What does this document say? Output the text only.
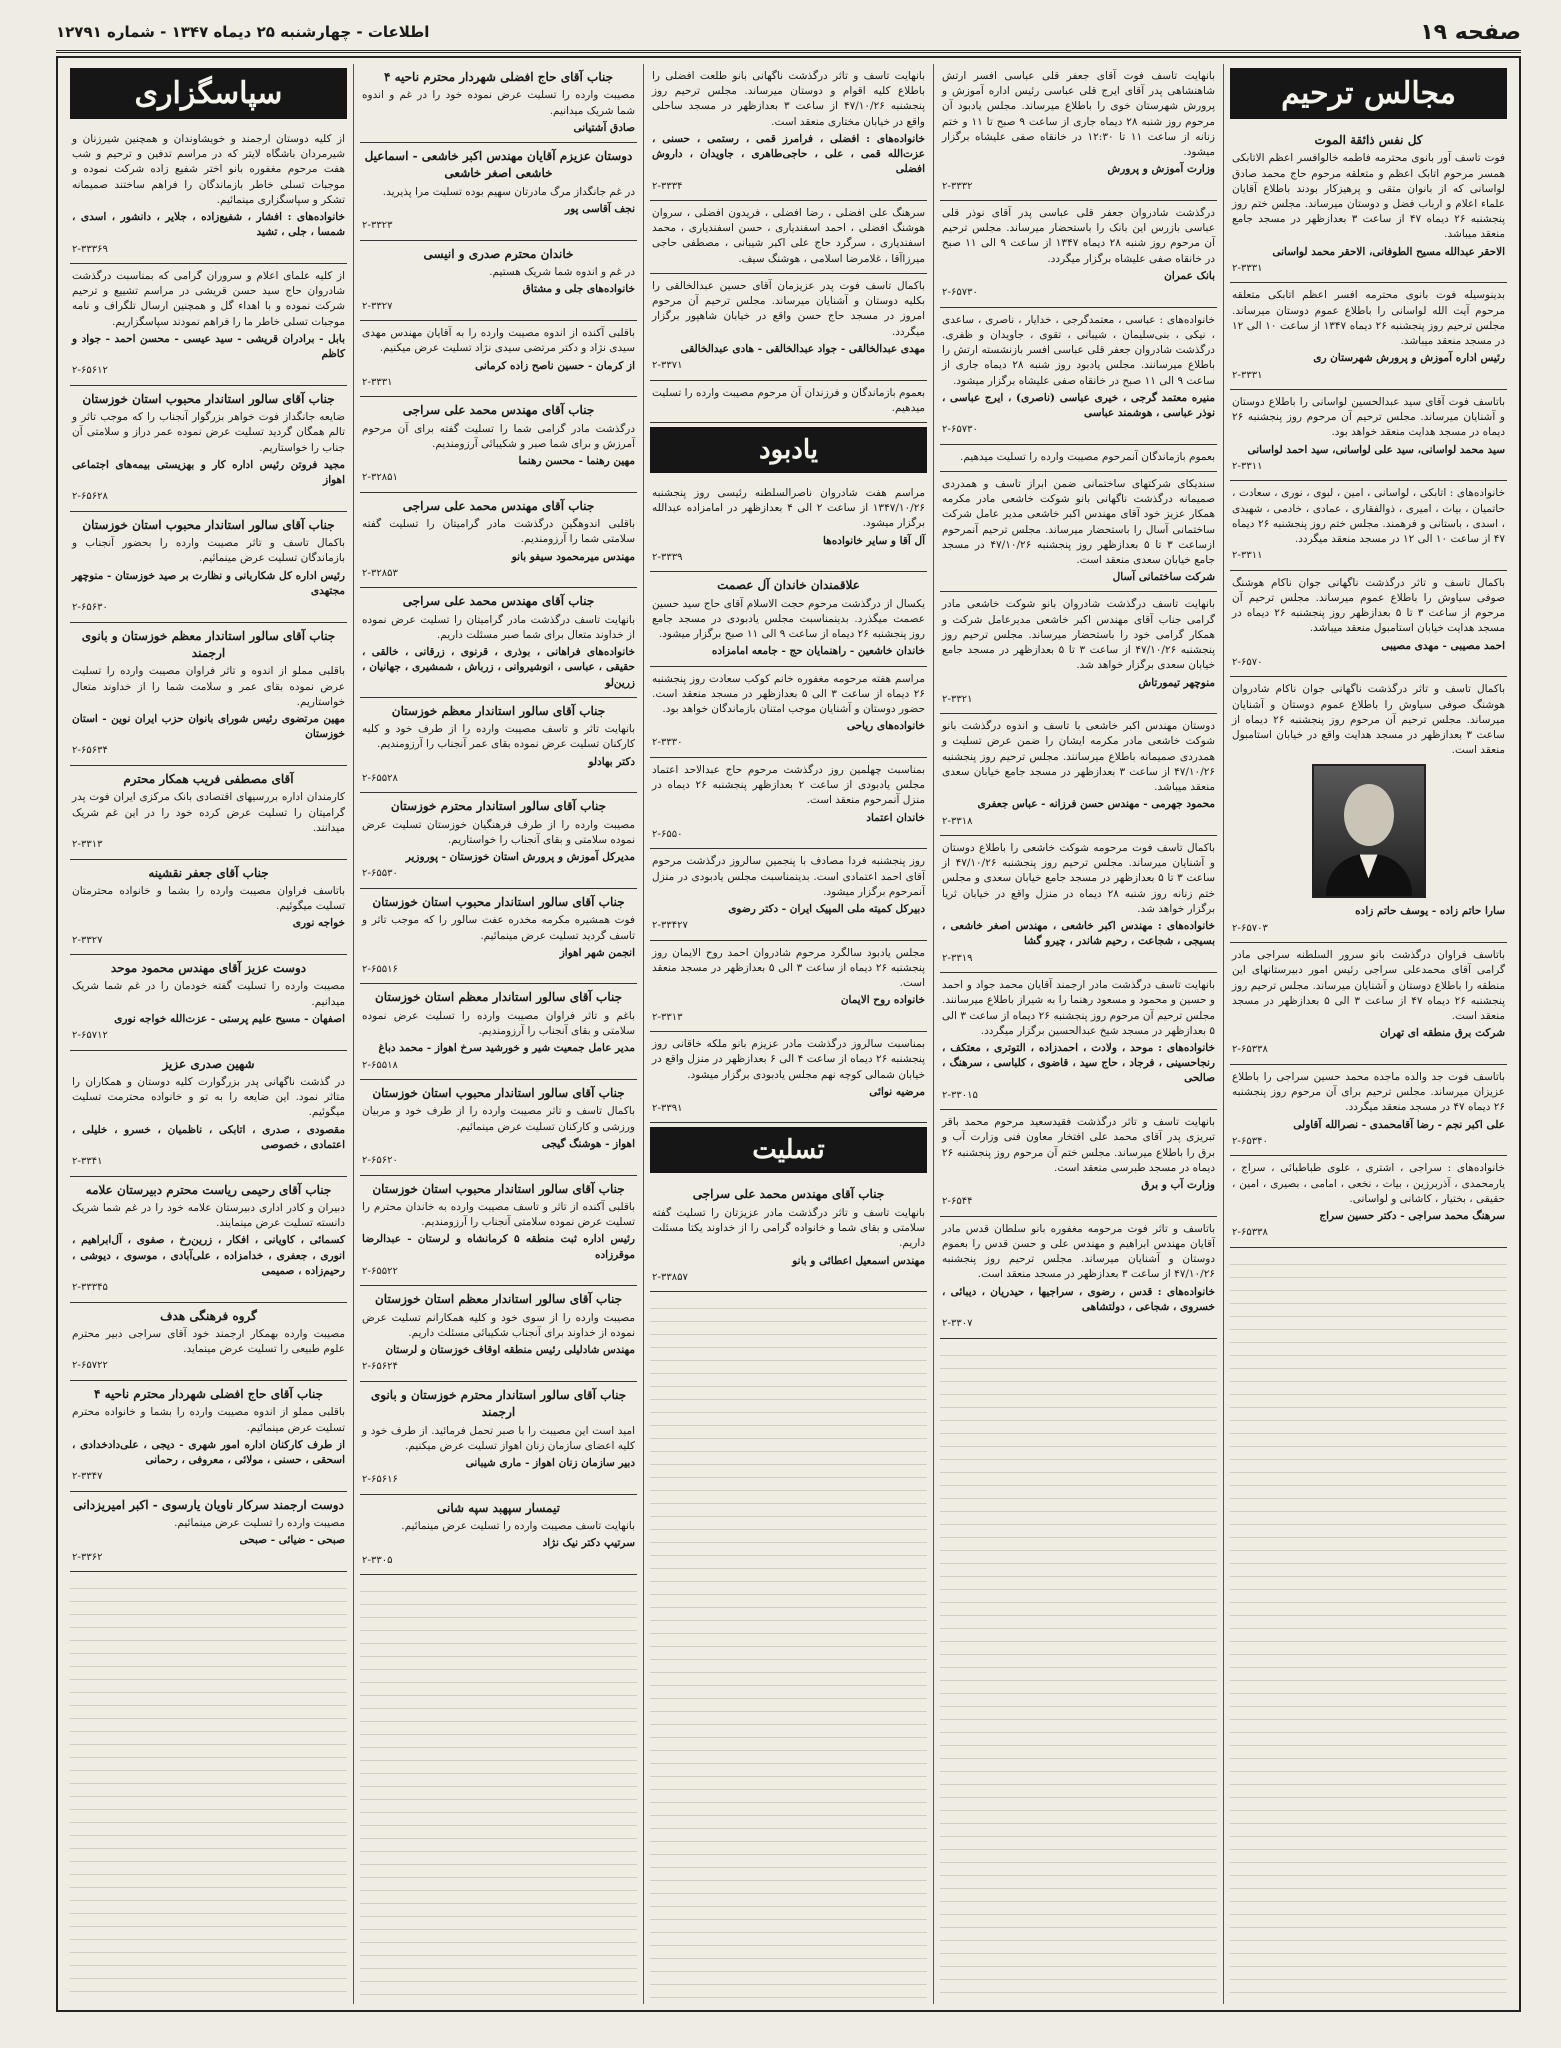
صفحه ۱۹
اطلاعات - چهارشنبه ۲۵ دیماه ۱۳۴۷ - شماره ۱۲۷۹۱
مجالس ترحیم
کل نفس ذائقة الموت
فوت تاسف آور بانوی محترمه فاطمه خالوافسر اعظم الاتابکی همسر مرحوم اتابک اعظم و متعلقه مرحوم حاج محمد صادق لواسانی که از بانوان متقی و پرهیزکار بودند باطلاع آقایان علماء اعلام و ارباب فضل و دوستان میرساند. مجلس ختم روز پنجشنبه ۲۶ دیماه ۴۷ از ساعت ۳ بعدازظهر در مسجد جامع منعقد میباشد.
الاحقر عبدالله مسیح الطوفانی، الاحقر محمد لواسانی
۲-۳۳۳۱
بدینوسیله فوت بانوی محترمه افسر اعظم اتابکی متعلقه مرحوم آیت الله لواسانی را باطلاع عموم دوستان میرساند. مجلس ترحیم روز پنجشنبه ۲۶ دیماه ۱۳۴۷ از ساعت ۱۰ الی ۱۲ در مسجد منعقد میباشد.
رئیس اداره آموزش و پرورش شهرستان ری
۲-۳۳۳۱
باتاسف فوت آقای سید عبدالحسین لواسانی را باطلاع دوستان و آشنایان میرساند. مجلس ترحیم آن مرحوم روز پنجشنبه ۲۶ دیماه در مسجد هدایت منعقد خواهد بود.
سید محمد لواسانی، سید علی لواسانی، سید احمد لواسانی
۲-۳۳۱۱
خانواده‌های : اتابکی ، لواسانی ، امین ، لبوی ، نوری ، سعادت ، حاتمیان ، بیات ، امیری ، ذوالفقاری ، عمادی ، خادمی ، شهیدی ، اسدی ، باستانی و فرهمند. مجلس ختم روز پنجشنبه ۲۶ دیماه ۴۷ از ساعت ۱۰ الی ۱۲ در مسجد منعقد میگردد.
۲-۳۳۱۱
باکمال تاسف و تاثر درگذشت ناگهانی جوان ناکام هوشنگ صوفی سیاوش را باطلاع عموم میرساند. مجلس ترحیم آن مرحوم از ساعت ۳ تا ۵ بعدازظهر روز پنجشنبه ۲۶ دیماه در مسجد هدایت خیابان استامبول منعقد میباشد.
احمد مصیبی - مهدی مصیبی
۲-۶۵۷۰
باکمال تاسف و تاثر درگذشت ناگهانی جوان ناکام شادروان هوشنگ صوفی سیاوش را باطلاع عموم دوستان و آشنایان میرساند. مجلس ترحیم آن مرحوم روز پنجشنبه ۲۶ دیماه از ساعت ۳ بعدازظهر در مسجد هدایت واقع در خیابان استامبول منعقد است.
سارا حاتم زاده - یوسف حاتم زاده
۲-۶۵۷۰۳
باتاسف فراوان درگذشت بانو سرور السلطنه سراجی مادر گرامی آقای محمدعلی سراجی رئیس امور دبیرستانهای این منطقه را باطلاع دوستان و آشنایان میرساند. مجلس ترحیم روز پنجشنبه ۲۶ دیماه ۴۷ از ساعت ۳ الی ۵ بعدازظهر در مسجد منعقد است.
شرکت برق منطقه ای تهران
۲-۶۵۳۳۸
باتاسف فوت جد والده ماجده محمد حسین سراجی را باطلاع عزیزان میرساند. مجلس ترحیم برای آن مرحوم روز پنجشنبه ۲۶ دیماه ۴۷ در مسجد منعقد میگردد.
علی اکبر نجم - رضا آقامحمدی - نصرالله آقاولی
۲-۶۵۳۴۰
خانواده‌های : سراجی ، اشتری ، علوی طباطبائی ، سراج ، یارمحمدی ، آذربرزین ، بیات ، نخعی ، امامی ، بصیری ، امین ، حقیقی ، بختیار ، کاشانی و لواسانی.
سرهنگ محمد سراجی - دکتر حسین سراج
۲-۶۵۳۳۸
بانهایت تاسف فوت آقای جعفر قلی عباسی افسر ارتش شاهنشاهی پدر آقای ایرج قلی عباسی رئیس اداره آموزش و پرورش شهرستان خوی را باطلاع میرساند. مجلس یادبود آن مرحوم روز شنبه ۲۸ دیماه جاری از ساعت ۹ صبح تا ۱۱ و ختم زنانه از ساعت ۱۱ تا ۱۲:۳۰ در خانقاه صفی علیشاه برگزار میشود.
وزارت آموزش و پرورش
۲-۳۳۳۲
درگذشت شادروان جعفر قلی عباسی پدر آقای نوذر قلی عباسی بازرس این بانک را باستحضار میرساند. مجلس ترحیم آن مرحوم روز شنبه ۲۸ دیماه ۱۳۴۷ از ساعت ۹ الی ۱۱ صبح در خانقاه صفی علیشاه برگزار میگردد.
بانک عمران
۲-۶۵۷۳۰
خانواده‌های : عباسی ، معتمدگرجی ، خدایار ، ناصری ، ساعدی ، نیکی ، بنی‌سلیمان ، شیبانی ، تقوی ، جاویدان و ظفری. درگذشت شادروان جعفر قلی عباسی افسر بازنشسته ارتش را باطلاع میرسانند. مجلس یادبود روز شنبه ۲۸ دیماه جاری از ساعت ۹ الی ۱۱ صبح در خانقاه صفی علیشاه برگزار میشود.
منیره معتمد گرجی ، خیری عباسی (ناصری) ، ایرج عباسی ، نوذر عباسی ، هوشمند عباسی
۲-۶۵۷۳۰
بعموم بازماندگان آنمرحوم مصیبت وارده را تسلیت میدهیم.
سندیکای شرکتهای ساختمانی ضمن ابراز تاسف و همدردی صمیمانه درگذشت ناگهانی بانو شوکت خاشعی مادر مکرمه همکار عزیز خود آقای مهندس اکبر خاشعی مدیر عامل شرکت ساختمانی آسال را باستحضار میرساند. مجلس ترحیم آنمرحوم ازساعت ۳ تا ۵ بعدازظهر روز پنجشنبه ۴۷/۱۰/۲۶ در مسجد جامع خیابان سعدی منعقد است.
شرکت ساختمانی آسال
بانهایت تاسف درگذشت شادروان بانو شوکت خاشعی مادر گرامی جناب آقای مهندس اکبر خاشعی مدیرعامل شرکت و همکار گرامی خود را باستحضار میرساند. مجلس ترحیم روز پنجشنبه ۴۷/۱۰/۲۶ از ساعت ۳ تا ۵ بعدازظهر در مسجد جامع خیابان سعدی برگزار خواهد شد.
منوچهر تیمورتاش
۲-۳۳۲۱
دوستان مهندس اکبر خاشعی با تاسف و اندوه درگذشت بانو شوکت خاشعی مادر مکرمه ایشان را ضمن عرض تسلیت و همدردی صمیمانه باطلاع میرسانند. مجلس ترحیم روز پنجشنبه ۴۷/۱۰/۲۶ از ساعت ۳ بعدازظهر در مسجد جامع خیابان سعدی منعقد میباشد.
محمود جهرمی - مهندس حسن فرزانه - عباس جعفری
۲-۳۳۱۸
باکمال تاسف فوت مرحومه شوکت خاشعی را باطلاع دوستان و آشنایان میرساند. مجلس ترحیم روز پنجشنبه ۴۷/۱۰/۲۶ از ساعت ۳ تا ۵ بعدازظهر در مسجد جامع خیابان سعدی و مجلس ختم زنانه روز شنبه ۲۸ دیماه در منزل واقع در خیابان ثریا برگزار خواهد شد.
خانواده‌های : مهندس اکبر خاشعی ، مهندس اصغر خاشعی ، بسیجی ، شجاعت ، رحیم شاندر ، چیرو گشا
۲-۳۳۱۹
بانهایت تاسف درگذشت مادر ارجمند آقایان محمد جواد و احمد و حسین و محمود و مسعود رهنما را به شیراز باطلاع میرسانند. مجلس ترحیم آن مرحوم روز پنجشنبه ۲۶ دیماه از ساعت ۳ الی ۵ بعدازظهر در مسجد شیخ عبدالحسین برگزار میگردد.
خانواده‌های : موحد ، ولادت ، احمدزاده ، التوتری ، معتکف ، رنجاحسینی ، فرجاد ، حاج سید ، قاضوی ، کلباسی ، سرهنگ ، صالحی
۲-۳۳۰۱۵
بانهایت تاسف و تاثر درگذشت فقیدسعید مرحوم محمد باقر تبریزی پدر آقای محمد علی افتخار معاون فنی وزارت آب و برق را باطلاع میرساند. مجلس ختم آن مرحوم روز پنجشنبه ۲۶ دیماه در مسجد طبرسی منعقد است.
وزارت آب و برق
۲-۶۵۴۴
باتاسف و تاثر فوت مرحومه مغفوره بانو سلطان قدس مادر آقایان مهندس ابراهیم و مهندس علی و حسن قدس را بعموم دوستان و آشنایان میرساند. مجلس ترحیم روز پنجشنبه ۴۷/۱۰/۲۶ از ساعت ۳ بعدازظهر در مسجد منعقد است.
خانواده‌های : قدس ، رضوی ، سراجیها ، حیدریان ، دیبائی ، خسروی ، شجاعی ، دولتشاهی
۲-۳۳۰۷
بانهایت تاسف و تاثر درگذشت ناگهانی بانو طلعت افضلی را باطلاع کلیه اقوام و دوستان میرساند. مجلس ترحیم روز پنجشنبه ۴۷/۱۰/۲۶ از ساعت ۳ بعدازظهر در مسجد ساحلی واقع در خیابان مختاری منعقد است.
خانواده‌های : افضلی ، فرامرز قمی ، رستمی ، حسنی ، عزت‌الله قمی ، علی ، حاجی‌طاهری ، جاویدان ، داروش افضلی
۲-۳۳۳۴
سرهنگ علی افضلی ، رضا افضلی ، فریدون افضلی ، سروان هوشنگ افضلی ، احمد اسفندیاری ، حسن اسفندیاری ، محمد اسفندیاری ، سرگرد حاج علی اکبر شیبانی ، مصطفی حاجی میرزاآقا ، غلامرضا اسلامی ، هوشنگ سیف.
باکمال تاسف فوت پدر عزیزمان آقای حسین عبدالخالقی را بکلیه دوستان و آشنایان میرساند. مجلس ترحیم آن مرحوم امروز در مسجد حاج حسن واقع در خیابان شاهپور برگزار میگردد.
مهدی عبدالخالقی - جواد عبدالخالقی - هادی عبدالخالقی
۲-۳۳۷۱
بعموم بازماندگان و فرزندان آن مرحوم مصیبت وارده را تسلیت میدهیم.
یادبود
مراسم هفت شادروان ناصرالسلطنه رئیسی روز پنجشنبه ۱۳۴۷/۱۰/۲۶ از ساعت ۲ الی ۴ بعدازظهر در امامزاده عبدالله برگزار میشود.
آل آقا و سایر خانواده‌ها
۲-۳۳۳۹
علاقمندان خاندان آل عصمت
یکسال از درگذشت مرحوم حجت الاسلام آقای حاج سید حسین عصمت میگذرد. بدینمناسبت مجلس یادبودی در مسجد جامع روز پنجشنبه ۲۶ دیماه از ساعت ۹ الی ۱۱ صبح برگزار میشود.
خاندان خاشعین - راهنمایان حج - جامعه امامزاده
مراسم هفته مرحومه مغفوره خانم کوکب سعادت روز پنجشنبه ۲۶ دیماه از ساعت ۳ الی ۵ بعدازظهر در مسجد منعقد است. حضور دوستان و آشنایان موجب امتنان بازماندگان خواهد بود.
خانواده‌های ریاحی
۲-۳۳۳۰
بمناسبت چهلمین روز درگذشت مرحوم حاج عبدالاحد اعتماد مجلس یادبودی از ساعت ۲ بعدازظهر پنجشنبه ۲۶ دیماه در منزل آنمرحوم منعقد است.
خاندان اعتماد
۲-۶۵۵۰
روز پنجشنبه فردا مصادف با پنجمین سالروز درگذشت مرحوم آقای احمد اعتمادی است. بدینمناسبت مجلس یادبودی در منزل آنمرحوم برگزار میشود.
دبیرکل کمیته ملی المپیک ایران - دکتر رضوی
۲-۳۳۴۲۷
مجلس یادبود سالگرد مرحوم شادروان احمد روح الایمان روز پنجشنبه ۲۶ دیماه از ساعت ۳ الی ۵ بعدازظهر در مسجد منعقد است.
خانواده روح الایمان
۲-۳۳۱۳
بمناسبت سالروز درگذشت مادر عزیزم بانو ملکه خاقانی روز پنجشنبه ۲۶ دیماه از ساعت ۴ الی ۶ بعدازظهر در منزل واقع در خیابان شمالی کوچه نهم مجلس یادبودی برگزار میشود.
مرضیه نوائی
۲-۳۳۹۱
تسلیت
جناب آقای مهندس محمد علی سراجی
بانهایت تاسف و تاثر درگذشت مادر عزیزتان را تسلیت گفته سلامتی و بقای شما و خانواده گرامی را از خداوند یکتا مسئلت داریم.
مهندس اسمعیل اعطائی و بانو
۲-۳۳۸۵۷
جناب آقای حاج افضلی شهردار محترم ناحیه ۴
مصیبت وارده را تسلیت عرض نموده خود را در غم و اندوه شما شریک میدانیم.
صادق آشتیانی
دوستان عزیزم آقایان مهندس اکبر خاشعی - اسماعیل خاشعی اصغر خاشعی
در غم جانگداز مرگ مادرتان سهیم بوده تسلیت مرا پذیرید.
نجف آقاسی پور
۲-۳۳۲۳
خاندان محترم صدری و انیسی
در غم و اندوه شما شریک هستیم.
خانواده‌های جلی و مشتاق
۲-۳۳۲۷
باقلبی آکنده از اندوه مصیبت وارده را به آقایان مهندس مهدی سیدی نژاد و دکتر مرتضی سیدی نژاد تسلیت عرض میکنیم.
از کرمان - حسین ناصح زاده کرمانی
۲-۳۳۳۱
جناب آقای مهندس محمد علی سراجی
درگذشت مادر گرامی شما را تسلیت گفته برای آن مرحوم آمرزش و برای شما صبر و شکیبائی آرزومندیم.
مهین رهنما - محسن رهنما
۲-۳۲۸۵۱
جناب آقای مهندس محمد علی سراجی
باقلبی اندوهگین درگذشت مادر گرامیتان را تسلیت گفته سلامتی شما را آرزومندیم.
مهندس میرمحمود سیفو بانو
۲-۳۲۸۵۳
جناب آقای مهندس محمد علی سراجی
بانهایت تاسف درگذشت مادر گرامیتان را تسلیت عرض نموده از خداوند متعال برای شما صبر مسئلت داریم.
خانواده‌های فراهانی ، بوذری ، قرنوی ، زرقانی ، خالقی ، حقیقی ، عباسی ، انوشیروانی ، زرباش ، شمشیری ، جهانیان ، زرین‌لو
جناب آقای سالور استاندار معظم خوزستان
بانهایت تاثر و تاسف مصیبت وارده را از طرف خود و کلیه کارکنان تسلیت عرض نموده بقای عمر آنجناب را آرزومندیم.
دکتر بهادلو
۲-۶۵۵۲۸
جناب آقای سالور استاندار محترم خوزستان
مصیبت وارده را از طرف فرهنگیان خوزستان تسلیت عرض نموده سلامتی و بقای آنجناب را خواستاریم.
مدیرکل آموزش و پرورش استان خوزستان - پوروزیر
۲-۶۵۵۳۰
جناب آقای سالور استاندار محبوب استان خوزستان
فوت همشیره مکرمه مخدره عفت سالور را که موجب تاثر و تاسف گردید تسلیت عرض مینمائیم.
انجمن شهر اهواز
۲-۶۵۵۱۶
جناب آقای سالور استاندار معظم استان خوزستان
باغم و تاثر فراوان مصیبت وارده را تسلیت عرض نموده سلامتی و بقای آنجناب را آرزومندیم.
مدیر عامل جمعیت شیر و خورشید سرخ اهواز - محمد دباغ
۲-۶۵۵۱۸
جناب آقای سالور استاندار محبوب استان خوزستان
باکمال تاسف و تاثر مصیبت وارده را از طرف خود و مربیان ورزشی و کارکنان تسلیت عرض مینمائیم.
اهواز - هوشنگ گیجی
۲-۶۵۶۲۰
جناب آقای سالور استاندار محبوب استان خوزستان
باقلبی آکنده از تاثر و تاسف مصیبت وارده به خاندان محترم را تسلیت عرض نموده سلامتی آنجناب را آرزومندیم.
رئیس اداره ثبت منطقه ۵ کرمانشاه و لرستان - عبدالرضا موقرزاده
۲-۶۵۵۲۲
جناب آقای سالور استاندار معظم استان خوزستان
مصیبت وارده را از سوی خود و کلیه همکارانم تسلیت عرض نموده از خداوند برای آنجناب شکیبائی مسئلت داریم.
مهندس شادلیلی رئیس منطقه اوقاف خوزستان و لرستان
۲-۶۵۶۲۴
جناب آقای سالور استاندار محترم خوزستان و بانوی ارجمند
امید است این مصیبت را با صبر تحمل فرمائید. از طرف خود و کلیه اعضای سازمان زنان اهواز تسلیت عرض میکنیم.
دبیر سازمان زنان اهواز - ماری شیبانی
۲-۶۵۶۱۶
تیمسار سپهبد سپه شانی
بانهایت تاسف مصیبت وارده را تسلیت عرض مینمائیم.
سرتیپ دکتر نیک نژاد
۲-۳۳۰۵
سپاسگزاری
از کلیه دوستان ارجمند و خویشاوندان و همچنین شیرزنان و شیرمردان باشگاه لایتر که در مراسم تدفین و ترحیم و شب هفت مرحوم مغفوره بانو اختر شفیع زاده شرکت نموده و موجبات تسلی خاطر بازماندگان را فراهم ساختند صمیمانه تشکر و سپاسگزاری مینمائیم.
خانواده‌های : افشار ، شفیع‌زاده ، جلایر ، دانشور ، اسدی ، شمسا ، جلی ، تشید
۲-۳۳۳۶۹
از کلیه علمای اعلام و سروران گرامی که بمناسبت درگذشت شادروان حاج سید حسن قریشی در مراسم تشییع و ترحیم شرکت نموده و با اهداء گل و همچنین ارسال تلگراف و نامه موجبات تسلی خاطر ما را فراهم نمودند سپاسگزاریم.
بابل - برادران قریشی - سید عیسی - محسن احمد - جواد و کاظم
۲-۶۵۶۱۲
جناب آقای سالور استاندار محبوب استان خوزستان
ضایعه جانگداز فوت خواهر بزرگوار آنجناب را که موجب تاثر و تالم همگان گردید تسلیت عرض نموده عمر دراز و سلامتی آن جناب را خواستاریم.
مجید فروتن رئیس اداره کار و بهزیستی بیمه‌های اجتماعی اهواز
۲-۶۵۶۲۸
جناب آقای سالور استاندار محبوب استان خوزستان
باکمال تاسف و تاثر مصیبت وارده را بحضور آنجناب و بازماندگان تسلیت عرض مینمائیم.
رئیس اداره کل شکاربانی و نظارت بر صید خوزستان - منوچهر مجتهدی
۲-۶۵۶۳۰
جناب آقای سالور استاندار معظم خوزستان و بانوی ارجمند
باقلبی مملو از اندوه و تاثر فراوان مصیبت وارده را تسلیت عرض نموده بقای عمر و سلامت شما را از خداوند متعال خواستاریم.
مهین مرتضوی رئیس شورای بانوان حزب ایران نوین - استان خوزستان
۲-۶۵۶۳۴
آقای مصطفی فریب همکار محترم
کارمندان اداره بررسیهای اقتصادی بانک مرکزی ایران فوت پدر گرامیتان را تسلیت عرض کرده خود را در این غم شریک میدانند.
۲-۳۳۱۳
جناب آقای جعفر نقشینه
باتاسف فراوان مصیبت وارده را بشما و خانواده محترمتان تسلیت میگوئیم.
خواجه نوری
۲-۳۳۲۷
دوست عزیز آقای مهندس محمود موحد
مصیبت وارده را تسلیت گفته خودمان را در غم شما شریک میدانیم.
اصفهان - مسیح علیم پرستی - عزت‌الله خواجه نوری
۲-۶۵۷۱۲
شهین صدری عزیز
در گذشت ناگهانی پدر بزرگوارت کلیه دوستان و همکاران را متاثر نمود. این ضایعه را به تو و خانواده محترمت تسلیت میگوئیم.
مقصودی ، صدری ، اتابکی ، ناظمیان ، خسرو ، خلیلی ، اعتمادی ، خصوصی
۲-۳۳۴۱
جناب آقای رحیمی ریاست محترم دبیرستان علامه
دبیران و کادر اداری دبیرستان علامه خود را در غم شما شریک دانسته تسلیت عرض مینمایند.
کسمائی ، کاویانی ، افکار ، زرین‌رخ ، صفوی ، آل‌ابراهیم ، انوری ، جعفری ، خدامزاده ، علی‌آبادی ، موسوی ، دیوشی ، رحیم‌زاده ، صمیمی
۲-۳۳۳۴۵
گروه فرهنگی هدف
مصیبت وارده بهمکار ارجمند خود آقای سراجی دبیر محترم علوم طبیعی را تسلیت عرض مینماید.
۲-۶۵۷۲۲
جناب آقای حاج افضلی شهردار محترم ناحیه ۴
باقلبی مملو از اندوه مصیبت وارده را بشما و خانواده محترم تسلیت عرض مینمائیم.
از طرف کارکنان اداره امور شهری - دیجی ، علی‌دادخدادی ، اسحقی ، حسنی ، مولائی ، معروفی ، رحمانی
۲-۳۳۴۷
دوست ارجمند سرکار ناویان یارسوی - اکبر امیریزدانی
مصیبت وارده را تسلیت عرض مینمائیم.
صبحی - ضیائی - صبحی
۲-۳۳۶۲
